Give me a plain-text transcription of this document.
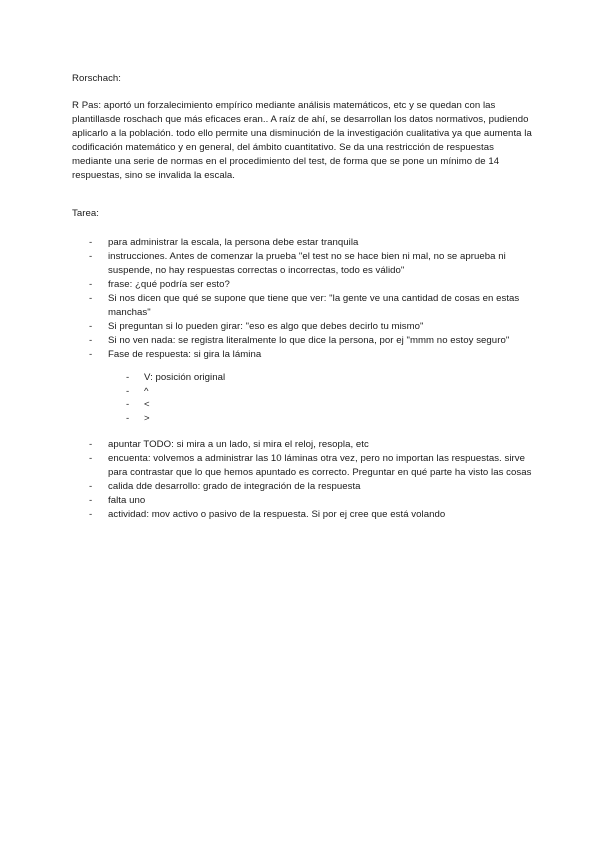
Rorschach:
R Pas: aportó un forzalecimiento empírico mediante análisis matemáticos, etc y se quedan con las plantillasde roschach que más eficaces eran.. A raíz de ahí, se desarrollan los datos normativos, pudiendo aplicarlo a la población. todo ello permite una disminución de la investigación cualitativa ya que aumenta la codificación matemático y en general, del ámbito cuantitativo. Se da una restricción de respuestas mediante una serie de normas en el procedimiento del test, de forma que se pone un mínimo de 14 respuestas, sino se invalida la escala.
Tarea:
- para administrar la escala, la persona debe estar tranquila
- instrucciones. Antes de comenzar la prueba "el test no se hace bien ni mal, no se aprueba ni suspende, no hay respuestas correctas o incorrectas, todo es válido"
- frase: ¿qué podría ser esto?
- Si nos dicen que qué se supone que tiene que ver: "la gente ve una cantidad de cosas en estas manchas"
- Si preguntan si lo pueden girar: "eso es algo que debes decirlo tu mismo"
- Si no ven nada: se registra literalmente lo que dice la persona, por ej "mmm no estoy seguro"
- Fase de respuesta: si gira la lámina
- V: posición original
- ^
- <
- >
- apuntar TODO: si mira a un lado, si mira el reloj, resopla, etc
- encuenta: volvemos a administrar las 10 láminas otra vez, pero no importan las respuestas. sirve para contrastar que lo que hemos apuntado es correcto. Preguntar en qué parte ha visto las cosas
- calida dde desarrollo: grado de integración de la respuesta
- falta uno
- actividad: mov activo o pasivo de la respuesta. Si por ej cree que está volando
